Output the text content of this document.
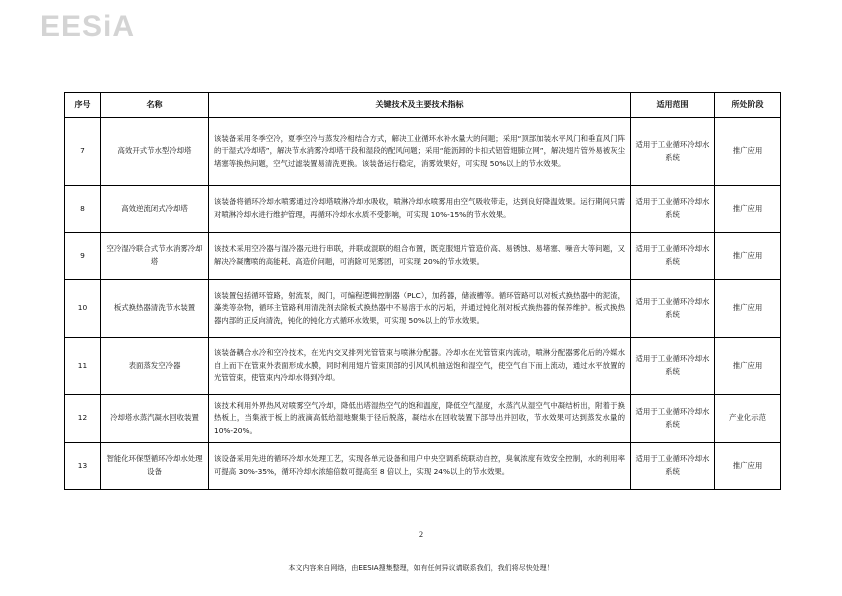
EESiA
序号	名称	关键技术及主要技术指标	适用范围	所处阶段
7	高效开式节水型冷却塔	该装备采用冬季空冷，夏季空冷与蒸发冷相结合方式，解决工业循环水补水量大的问题；采用“顶部加装水平风门和垂直风门阵的干湿式冷却塔”，解决节水消雾冷却塔干段和湿段的配风问题；采用“能沥卸的卡扣式铝管翅肺立网”，解决翅片管外易被灰尘堵塞等换热问题，空气过滤装置易清洗更换。该装备运行稳定，消雾效果好，可实现 50%以上的节水效果。	适用于工业循环冷却水系统	推广应用
8	高效逆流闭式冷却塔	该装备将循环冷却水喷雾通过冷却塔喷淋冷却水吸收，喷淋冷却水喷雾用由空气吸收带走，达到良好降温效果。运行期间只需对喷淋冷却水进行维护管理，再循环冷却水水质不受影响，可实现 10%-15%的节水效果。	适用于工业循环冷却水系统	推广应用
9	空冷湿冷联合式节水消雾冷却塔	该技术采用空冷器与湿冷器元进行串联，并联或混联的组合布置，既克服翅片管造价高、易锈蚀、易堵塞、噪音大等问题，又解决冷凝鹰喷的高能耗、高造价问题，可消除可见雾团，可实现 20%的节水效果。	适用于工业循环冷却水系统	推广应用
10	板式换热器清洗节水装置	该装置包括循环管路，射流泵，阀门，可编程逻辑控制器（PLC），加药器，储液槽等。循环管路可以对板式换热器中的泥渣，藻类等杂物，循环主管路利用清洗剂去除板式换热器中不易溶于水的污垢，并通过钝化剂对板式换热器的保养维护。板式换热器内部的正反向清洗，钝化的钝化方式循环水效果，可实现 50%以上的节水效果。	适用于工业循环冷却水系统	推广应用
11	表面蒸发空冷器	该装备耦合水冷和空冷技术，在光内交叉排列光管管束与喷淋分配器。冷却水在光管管束内流动，喷淋分配器雾化后的冷媒水自上而下在管束外表面形成水膜，同时利用翅片管束顶部的引风风机抽送饱和湿空气，使空气自下而上流动，通过水平放置的光管管束，使管束内冷却水得到冷却。	适用于工业循环冷却水系统	推广应用
12	冷却塔水蒸汽凝水回收装置	该技术利用外界热风对喷雾空气冷却，降低出塔湿热空气的饱和温度，降低空气湿度，水蒸汽从湿空气中凝结析出，附着于换热板上，当集液于板上的液滴高低给湿地聚集于径后脱落，凝结水在回收装置下部导出并回收，节水效果可达到蒸发水量的 10%-20%。	适用于工业循环冷却水系统	产业化示范
13	智能化环保型循环冷却水处理设备	该设备采用先进的循环冷却水处理工艺，实现各单元设备和用户中央空调系统联动自控，臭氧浓度有效安全控制，水的利用率可提高 30%-35%，循环冷却水浓缩倍数可提高至 8 倍以上，实现 24%以上的节水效果。	适用于工业循环冷却水系统	推广应用
2
本文内容来自网络，由EESIA搜集整理，如有任何异议请联系我们，我们将尽快处理！
